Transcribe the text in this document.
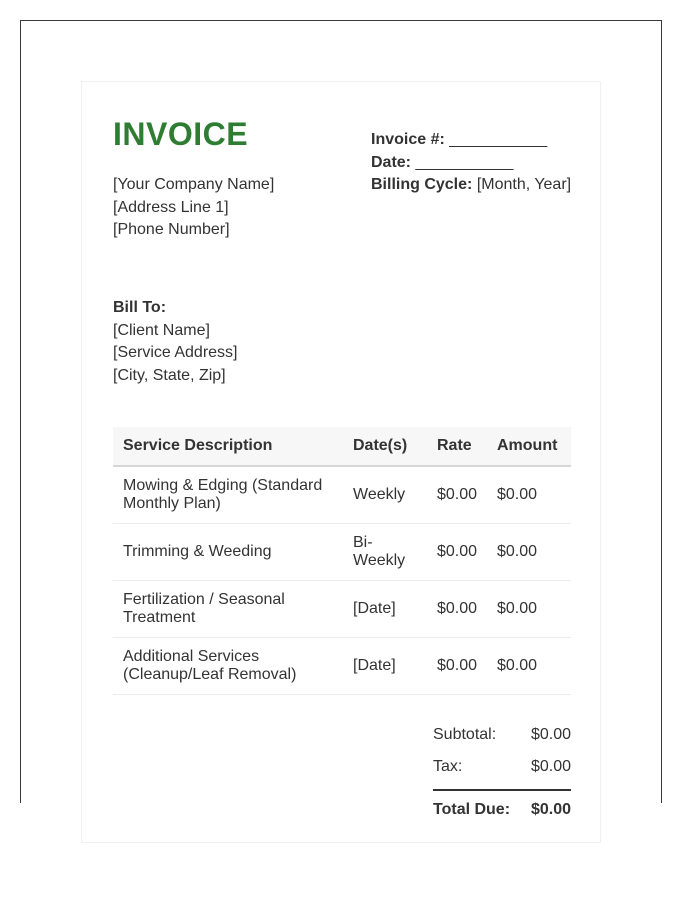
INVOICE
[Your Company Name]
[Address Line 1]
[Phone Number]
Invoice #: ___________
Date: ___________
Billing Cycle: [Month, Year]
Bill To:
[Client Name]
[Service Address]
[City, State, Zip]
Service Description	Date(s)	Rate	Amount
Mowing & Edging (Standard Monthly Plan)	Weekly	$0.00	$0.00
Trimming & Weeding	Bi-Weekly	$0.00	$0.00
Fertilization / Seasonal Treatment	[Date]	$0.00	$0.00
Additional Services (Cleanup/Leaf Removal)	[Date]	$0.00	$0.00
Subtotal: $0.00
Tax:	$0.00
Total Due: $0.00
